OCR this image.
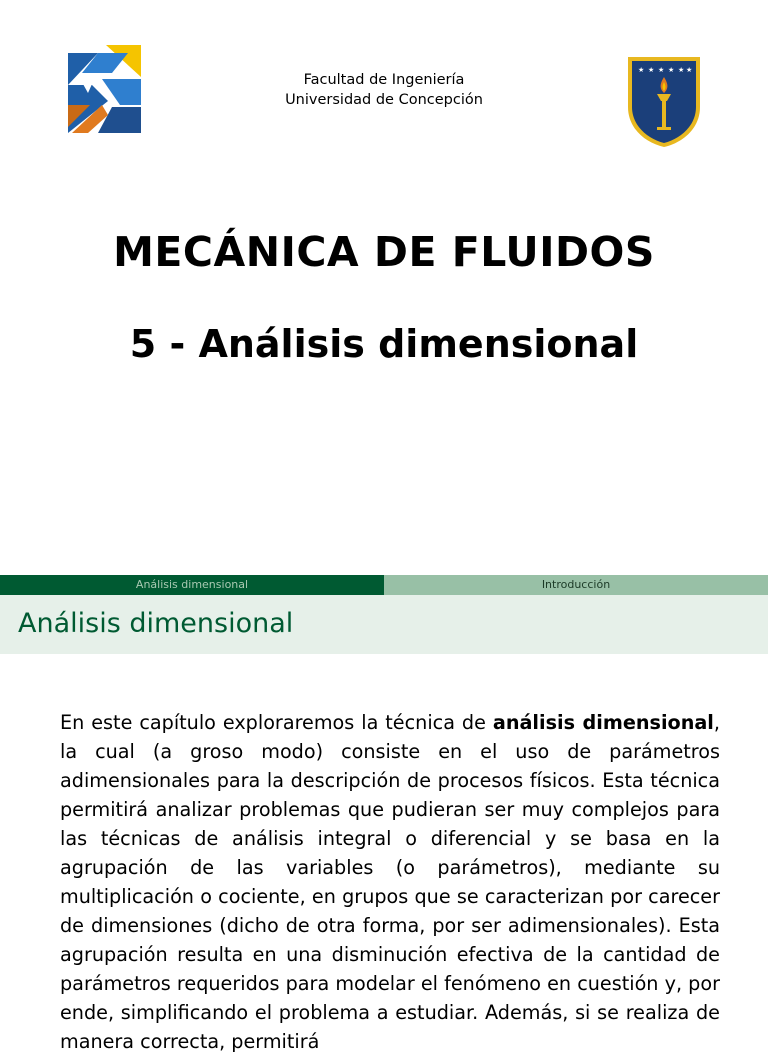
Facultad de Ingeniería
Universidad de Concepción
★ ★ ★ ★ ★ ★
MECÁNICA DE FLUIDOS
5 - Análisis dimensional
Análisis dimensional	Introducción
Análisis dimensional
En este capítulo exploraremos la técnica de análisis dimensional, la cual (a groso modo) consiste en el uso de parámetros adimensionales para la descripción de procesos físicos. Esta técnica permitirá analizar problemas que pudieran ser muy complejos para las técnicas de análisis integral o diferencial y se basa en la agrupación de las variables (o parámetros), mediante su multiplicación o cociente, en grupos que se caracterizan por carecer de dimensiones (dicho de otra forma, por ser adimensionales). Esta agrupación resulta en una disminución efectiva de la cantidad de parámetros requeridos para modelar el fenómeno en cuestión y, por ende, simplificando el problema a estudiar. Además, si se realiza de manera correcta, permitirá
